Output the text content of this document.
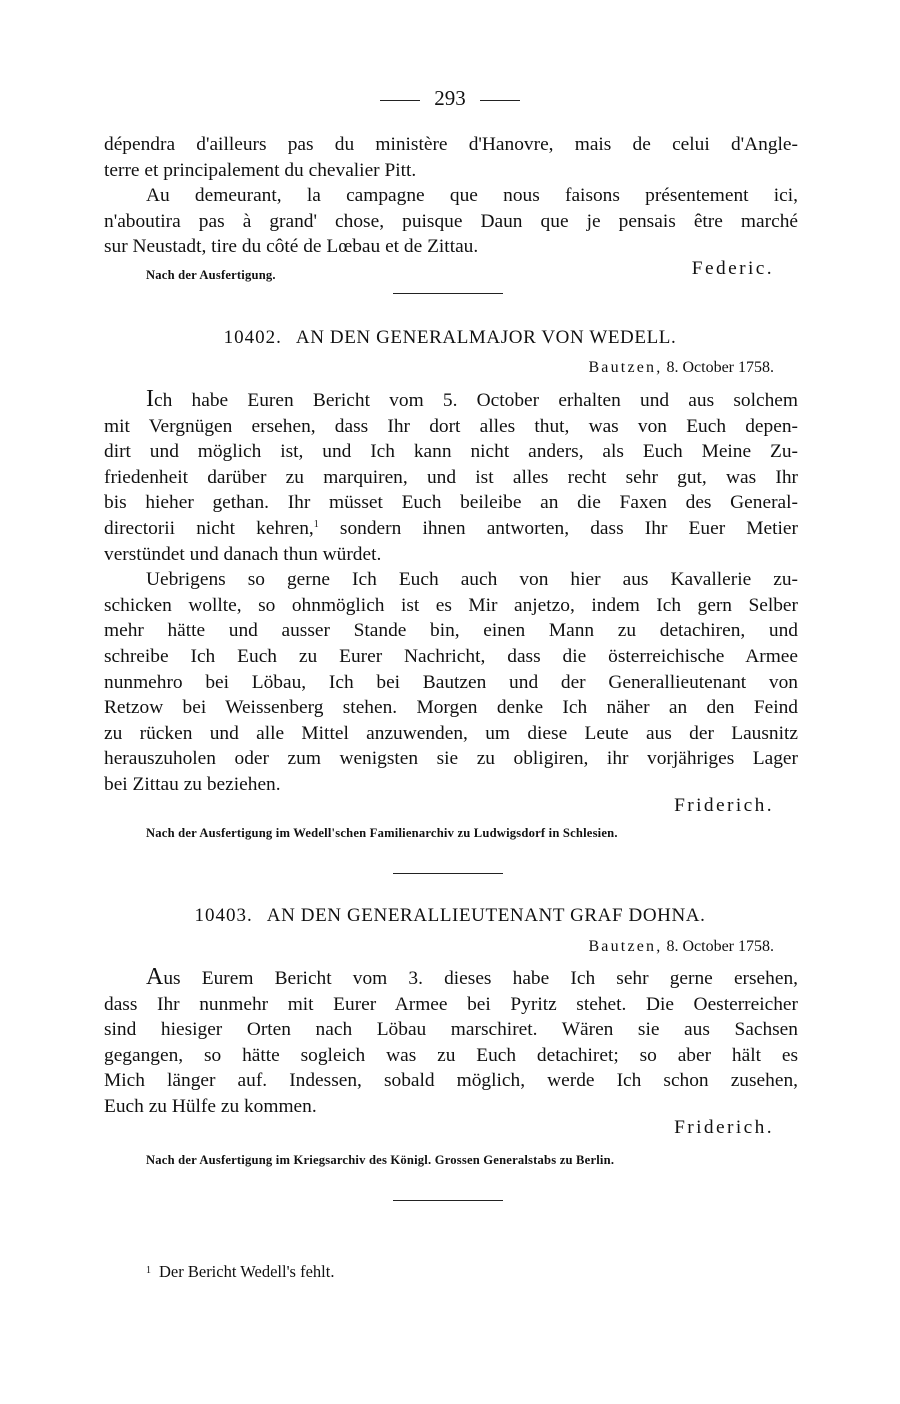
293
dépendra d'ailleurs pas du ministère d'Hanovre, mais de celui d'Angle-
terre et principalement du chevalier Pitt.
Au demeurant, la campagne que nous faisons présentement ici,
n'aboutira pas à grand' chose, puisque Daun que je pensais être marché
sur Neustadt, tire du côté de Lœbau et de Zittau.
Nach der Ausfertigung.	Federic.
10402. AN DEN GENERALMAJOR VON WEDELL.
Bautzen, 8. October 1758.
Ich habe Euren Bericht vom 5. October erhalten und aus solchem
mit Vergnügen ersehen, dass Ihr dort alles thut, was von Euch depen-
dirt und möglich ist, und Ich kann nicht anders, als Euch Meine Zu-
friedenheit darüber zu marquiren, und ist alles recht sehr gut, was Ihr
bis hieher gethan. Ihr müsset Euch beileibe an die Faxen des General-
directorii nicht kehren,$^1$ sondern ihnen antworten, dass Ihr Euer Metier
verstündet und danach thun würdet.
Uebrigens so gerne Ich Euch auch von hier aus Kavallerie zu-
schicken wollte, so ohnmöglich ist es Mir anjetzo, indem Ich gern Selber
mehr hätte und ausser Stande bin, einen Mann zu detachiren, und
schreibe Ich Euch zu Eurer Nachricht, dass die österreichische Armee
nunmehro bei Löbau, Ich bei Bautzen und der Generallieutenant von
Retzow bei Weissenberg stehen. Morgen denke Ich näher an den Feind
zu rücken und alle Mittel anzuwenden, um diese Leute aus der Lausnitz
herauszuholen oder zum wenigsten sie zu obligiren, ihr vorjähriges Lager
bei Zittau zu beziehen.
Friderich.
Nach der Ausfertigung im Wedell'schen Familienarchiv zu Ludwigsdorf in Schlesien.
10403. AN DEN GENERALLIEUTENANT GRAF DOHNA.
Bautzen, 8. October 1758.
Aus Eurem Bericht vom 3. dieses habe Ich sehr gerne ersehen,
dass Ihr nunmehr mit Eurer Armee bei Pyritz stehet. Die Oesterreicher
sind hiesiger Orten nach Löbau marschiret. Wären sie aus Sachsen
gegangen, so hätte sogleich was zu Euch detachiret; so aber hält es
Mich länger auf. Indessen, sobald möglich, werde Ich schon zusehen,
Euch zu Hülfe zu kommen.
Friderich.
Nach der Ausfertigung im Kriegsarchiv des Königl. Grossen Generalstabs zu Berlin.
$^1$ Der Bericht Wedell's fehlt.
